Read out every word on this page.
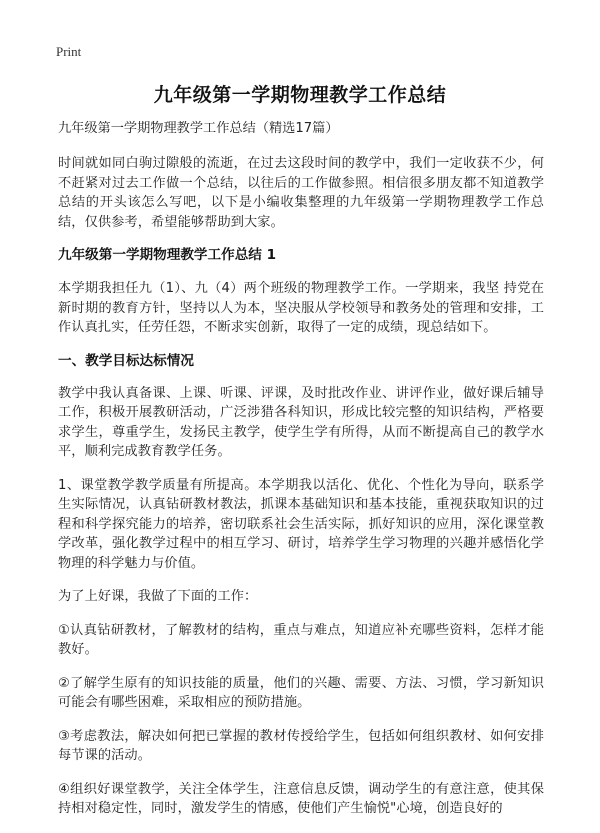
Print
九年级第一学期物理教学工作总结
九年级第一学期物理教学工作总结（精选17篇）

时间就如同白驹过隙般的流逝，在过去这段时间的教学中，我们一定收获不少，何不赶紧对过去工作做一个总结，以往后的工作做参照。相信很多朋友都不知道教学总结的开头该怎么写吧，以下是小编收集整理的九年级第一学期物理教学工作总结，仅供参考，希望能够帮助到大家。

九年级第一学期物理教学工作总结 1

本学期我担任九（1）、九（4）两个班级的物理教学工作。一学期来，我坚 持党在新时期的教育方针，坚持以人为本，坚决服从学校领导和教务处的管理和安排，工作认真扎实，任劳任怨，不断求实创新，取得了一定的成绩，现总结如下。

一、教学目标达标情况

教学中我认真备课、上课、听课、评课，及时批改作业、讲评作业，做好课后辅导工作，积极开展教研活动，广泛涉猎各科知识，形成比较完整的知识结构，严格要求学生，尊重学生，发扬民主教学，使学生学有所得，从而不断提高自己的教学水平，顺利完成教育教学任务。

1、课堂教学教学质量有所提高。本学期我以活化、优化、个性化为导向，联系学生实际情况，认真钻研教材教法，抓课本基础知识和基本技能，重视获取知识的过程和科学探究能力的培养，密切联系社会生活实际，抓好知识的应用，深化课堂教学改革，强化教学过程中的相互学习、研讨，培养学生学习物理的兴趣并感悟化学物理的科学魅力与价值。

为了上好课，我做了下面的工作：

①认真钻研教材，了解教材的结构，重点与难点，知道应补充哪些资料，怎样才能教好。

②了解学生原有的知识技能的质量，他们的兴趣、需要、方法、习惯，学习新知识可能会有哪些困难，采取相应的预防措施。

③考虑教法，解决如何把已掌握的教材传授给学生，包括如何组织教材、如何安排每节课的活动。

④组织好课堂教学，关注全体学生，注意信息反馈，调动学生的有意注意，使其保持相对稳定性，同时，激发学生的情感，使他们产生愉悦"心境，创造良好的
